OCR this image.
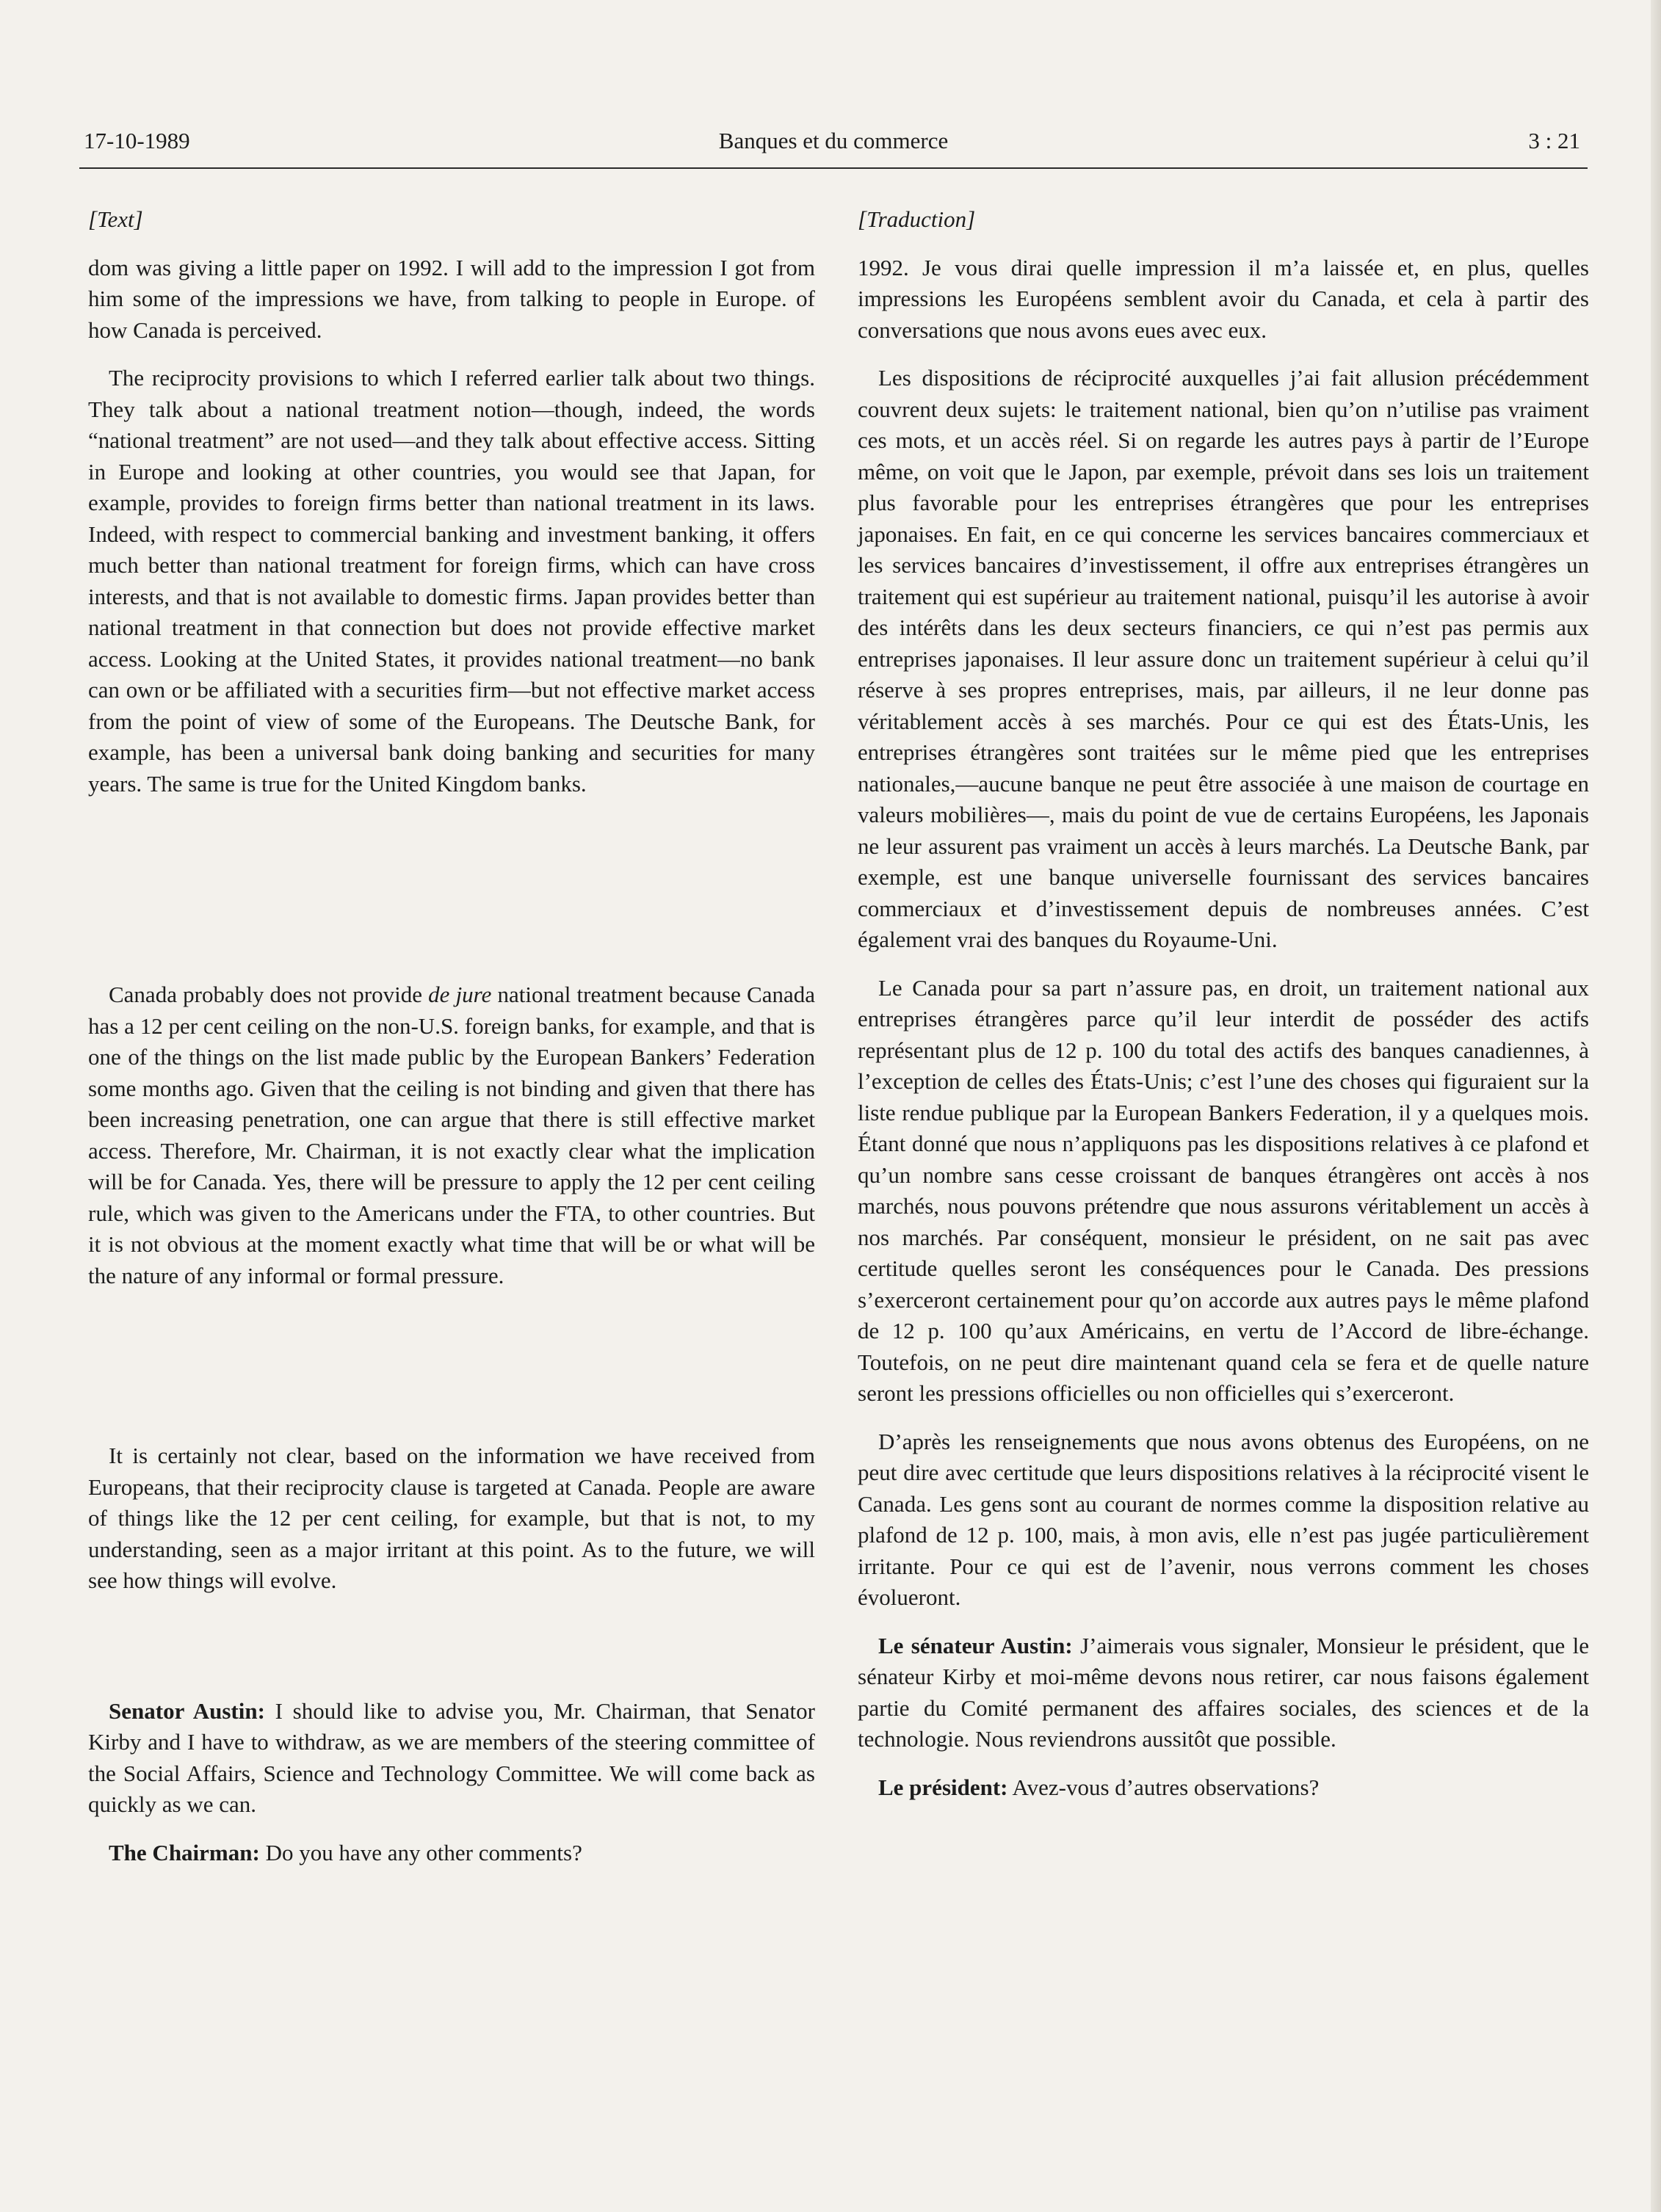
17-10-1989	Banques et du commerce	3 : 21

[Text]

dom was giving a little paper on 1992. I will add to the impression I got from him some of the impressions we have, from talking to people in Europe. of how Canada is perceived.

The reciprocity provisions to which I referred earlier talk about two things. They talk about a national treatment notion—though, indeed, the words “national treatment” are not used—and they talk about effective access. Sitting in Europe and looking at other countries, you would see that Japan, for example, provides to foreign firms better than national treatment in its laws. Indeed, with respect to commercial banking and investment banking, it offers much better than national treatment for foreign firms, which can have cross interests, and that is not available to domestic firms. Japan provides better than national treatment in that connection but does not provide effective market access. Looking at the United States, it provides national treatment—no bank can own or be affiliated with a securities firm—but not effective market access from the point of view of some of the Europeans. The Deutsche Bank, for example, has been a universal bank doing banking and securities for many years. The same is true for the United Kingdom banks.

Canada probably does not provide de jure national treatment because Canada has a 12 per cent ceiling on the non-U.S. foreign banks, for example, and that is one of the things on the list made public by the European Bankers’ Federation some months ago. Given that the ceiling is not binding and given that there has been increasing penetration, one can argue that there is still effective market access. Therefore, Mr. Chairman, it is not exactly clear what the implication will be for Canada. Yes, there will be pressure to apply the 12 per cent ceiling rule, which was given to the Americans under the FTA, to other countries. But it is not obvious at the moment exactly what time that will be or what will be the nature of any informal or formal pressure.

It is certainly not clear, based on the information we have received from Europeans, that their reciprocity clause is targeted at Canada. People are aware of things like the 12 per cent ceiling, for example, but that is not, to my understanding, seen as a major irritant at this point. As to the future, we will see how things will evolve.

Senator Austin: I should like to advise you, Mr. Chairman, that Senator Kirby and I have to withdraw, as we are members of the steering committee of the Social Affairs, Science and Technology Committee. We will come back as quickly as we can.

The Chairman: Do you have any other comments?

[Traduction]

1992. Je vous dirai quelle impression il m’a laissée et, en plus, quelles impressions les Européens semblent avoir du Canada, et cela à partir des conversations que nous avons eues avec eux.

Les dispositions de réciprocité auxquelles j’ai fait allusion précédemment couvrent deux sujets: le traitement national, bien qu’on n’utilise pas vraiment ces mots, et un accès réel. Si on regarde les autres pays à partir de l’Europe même, on voit que le Japon, par exemple, prévoit dans ses lois un traitement plus favorable pour les entreprises étrangères que pour les entreprises japonaises. En fait, en ce qui concerne les services bancaires commerciaux et les services bancaires d’investissement, il offre aux entreprises étrangères un traitement qui est supérieur au traitement national, puisqu’il les autorise à avoir des intérêts dans les deux secteurs financiers, ce qui n’est pas permis aux entreprises japonaises. Il leur assure donc un traitement supérieur à celui qu’il réserve à ses propres entreprises, mais, par ailleurs, il ne leur donne pas véritablement accès à ses marchés. Pour ce qui est des États-Unis, les entreprises étrangères sont traitées sur le même pied que les entreprises nationales,—aucune banque ne peut être associée à une maison de courtage en valeurs mobilières—, mais du point de vue de certains Européens, les Japonais ne leur assurent pas vraiment un accès à leurs marchés. La Deutsche Bank, par exemple, est une banque universelle fournissant des services bancaires commerciaux et d’investissement depuis de nombreuses années. C’est également vrai des banques du Royaume-Uni.

Le Canada pour sa part n’assure pas, en droit, un traitement national aux entreprises étrangères parce qu’il leur interdit de posséder des actifs représentant plus de 12 p. 100 du total des actifs des banques canadiennes, à l’exception de celles des États-Unis; c’est l’une des choses qui figuraient sur la liste rendue publique par la European Bankers Federation, il y a quelques mois. Étant donné que nous n’appliquons pas les dispositions relatives à ce plafond et qu’un nombre sans cesse croissant de banques étrangères ont accès à nos marchés, nous pouvons prétendre que nous assurons véritablement un accès à nos marchés. Par conséquent, monsieur le président, on ne sait pas avec certitude quelles seront les conséquences pour le Canada. Des pressions s’exerceront certainement pour qu’on accorde aux autres pays le même plafond de 12 p. 100 qu’aux Américains, en vertu de l’Accord de libre-échange. Toutefois, on ne peut dire maintenant quand cela se fera et de quelle nature seront les pressions officielles ou non officielles qui s’exerceront.

D’après les renseignements que nous avons obtenus des Européens, on ne peut dire avec certitude que leurs dispositions relatives à la réciprocité visent le Canada. Les gens sont au courant de normes comme la disposition relative au plafond de 12 p. 100, mais, à mon avis, elle n’est pas jugée particulièrement irritante. Pour ce qui est de l’avenir, nous verrons comment les choses évolueront.

Le sénateur Austin: J’aimerais vous signaler, Monsieur le président, que le sénateur Kirby et moi-même devons nous retirer, car nous faisons également partie du Comité permanent des affaires sociales, des sciences et de la technologie. Nous reviendrons aussitôt que possible.

Le président: Avez-vous d’autres observations?
